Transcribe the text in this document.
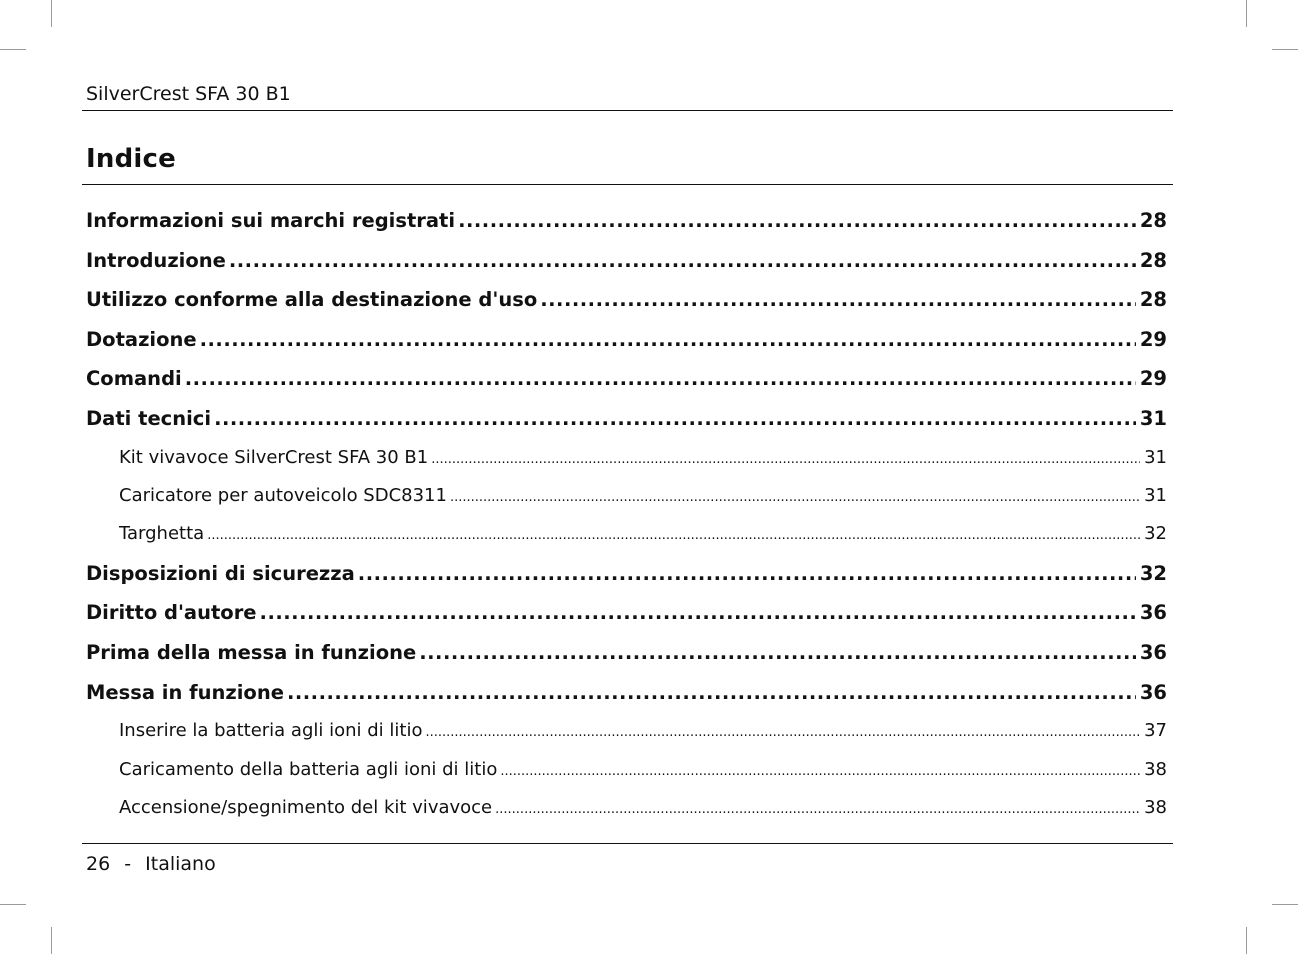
SilverCrest SFA 30 B1
Indice
Informazioni sui marchi registrati .....	28
Introduzione .....	28
Utilizzo conforme alla destinazione d'uso .....	28
Dotazione .....	29
Comandi .....	29
Dati tecnici .....	31
Kit vivavoce SilverCrest SFA 30 B1 .....	31
Caricatore per autoveicolo SDC8311 .....	31
Targhetta .....	32
Disposizioni di sicurezza .....	32
Diritto d'autore .....	36
Prima della messa in funzione .....	36
Messa in funzione .....	36
Inserire la batteria agli ioni di litio .....	37
Caricamento della batteria agli ioni di litio .....	38
Accensione/spegnimento del kit vivavoce .....	38
26 - Italiano
